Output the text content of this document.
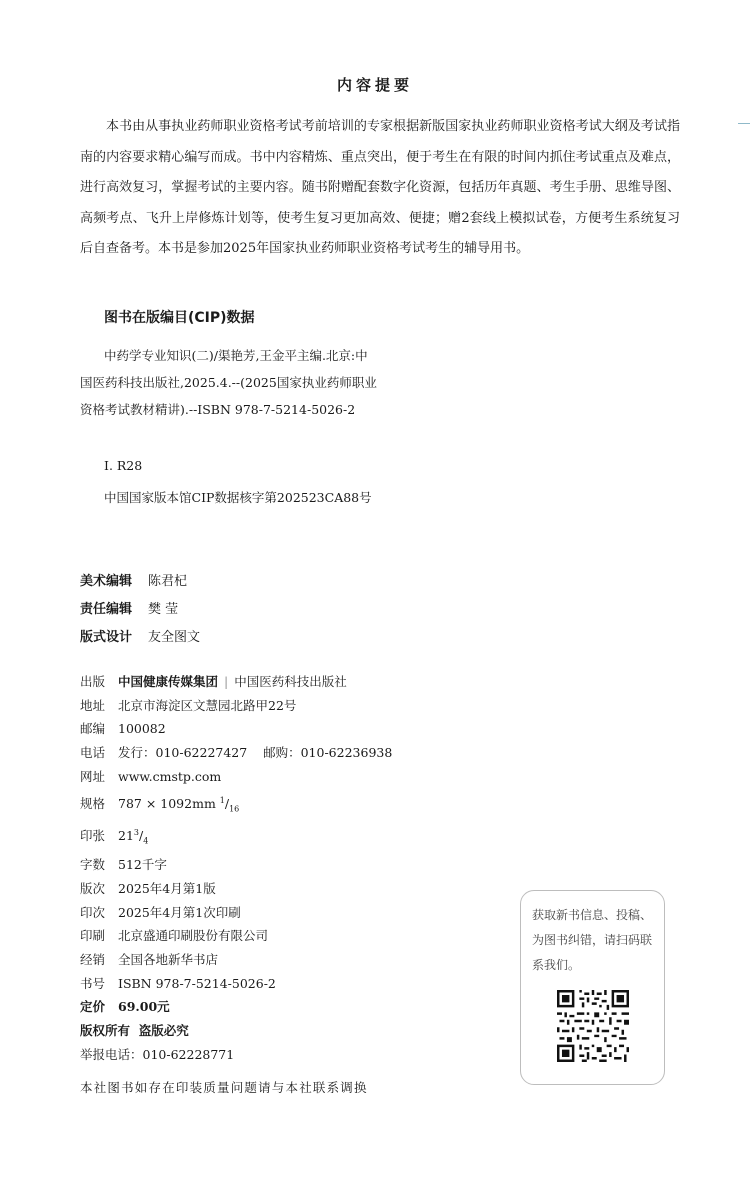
内容提要
本书由从事执业药师职业资格考试考前培训的专家根据新版国家执业药师职业资格考试大纲及考试指南的内容要求精心编写而成。书中内容精炼、重点突出，便于考生在有限的时间内抓住考试重点及难点，进行高效复习，掌握考试的主要内容。随书附赠配套数字化资源，包括历年真题、考生手册、思维导图、高频考点、飞升上岸修炼计划等，使考生复习更加高效、便捷；赠2套线上模拟试卷，方便考生系统复习后自查备考。本书是参加2025年国家执业药师职业资格考试考生的辅导用书。
图书在版编目(CIP)数据
中药学专业知识(二)/渠艳芳,王金平主编.北京:中国医药科技出版社,2025.4.--(2025国家执业药师职业资格考试教材精讲).--ISBN 978-7-5214-5026-2
Ⅰ. R28
中国国家版本馆CIP数据核字第202523CA88号
美术编辑 陈君杞
责任编辑 樊 莹
版式设计 友全图文
出版 中国健康传媒集团 | 中国医药科技出版社
地址 北京市海淀区文慧园北路甲22号
邮编 100082
电话 发行：010-62227427    邮购：010-62236938
网址 www.cmstp.com
规格 787 × 1092mm $^1/_{16}$
印张 $21^3/_4$
字数 512千字
版次 2025年4月第1版
印次 2025年4月第1次印刷
印刷 北京盛通印刷股份有限公司
经销 全国各地新华书店
书号 ISBN 978-7-5214-5026-2
定价 69.00元
版权所有  盗版必究
举报电话：010-62228771
本社图书如存在印装质量问题请与本社联系调换
获取新书信息、投稿、为图书纠错，请扫码联系我们。
